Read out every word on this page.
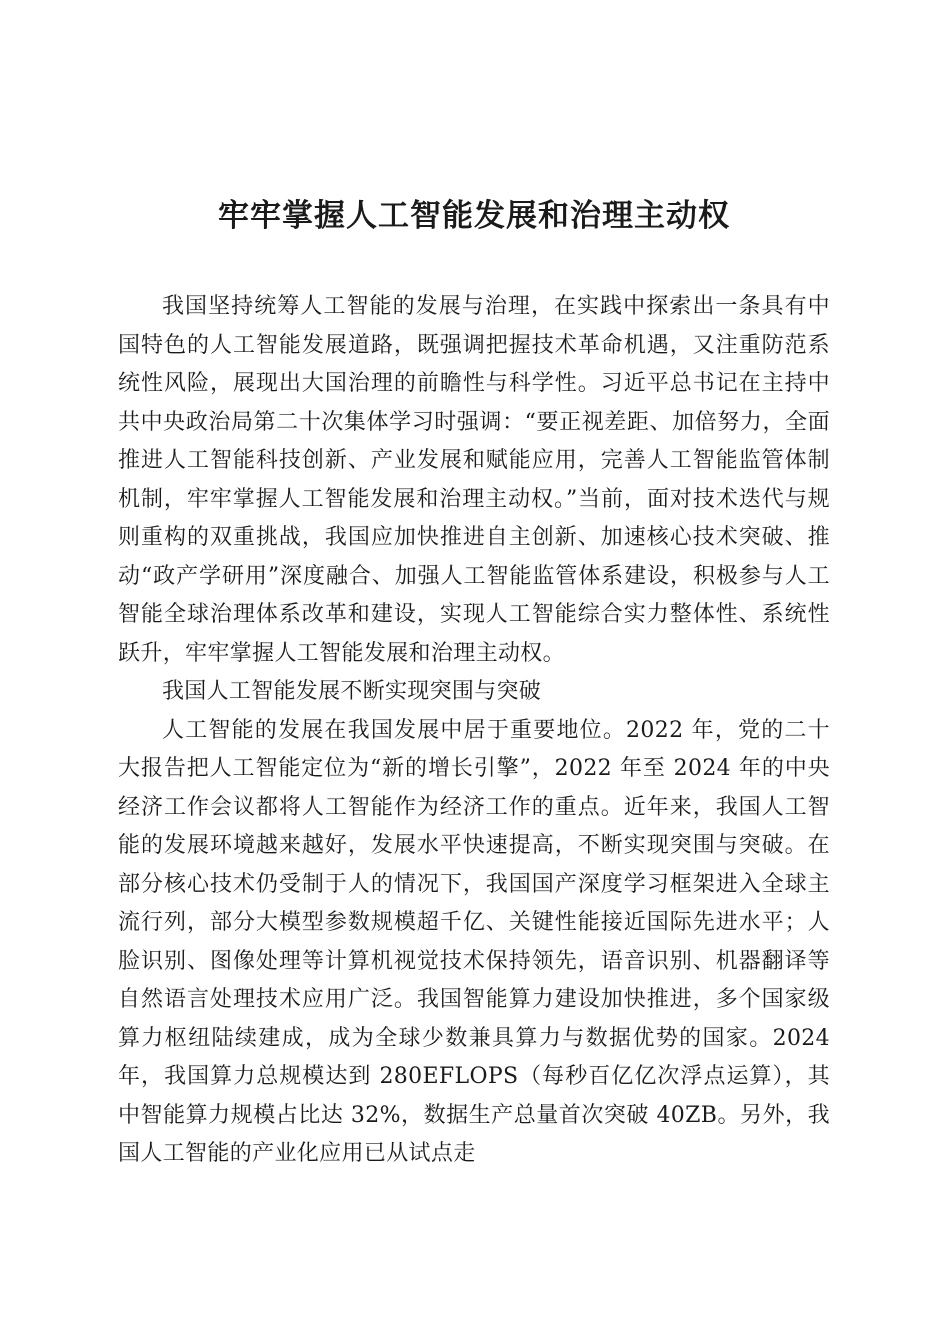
牢牢掌握人工智能发展和治理主动权

我国坚持统筹人工智能的发展与治理，在实践中探索出一条具有中国特色的人工智能发展道路，既强调把握技术革命机遇，又注重防范系统性风险，展现出大国治理的前瞻性与科学性。习近平总书记在主持中共中央政治局第二十次集体学习时强调：“要正视差距、加倍努力，全面推进人工智能科技创新、产业发展和赋能应用，完善人工智能监管体制机制，牢牢掌握人工智能发展和治理主动权。”当前，面对技术迭代与规则重构的双重挑战，我国应加快推进自主创新、加速核心技术突破、推动“政产学研用”深度融合、加强人工智能监管体系建设，积极参与人工智能全球治理体系改革和建设，实现人工智能综合实力整体性、系统性跃升，牢牢掌握人工智能发展和治理主动权。

我国人工智能发展不断实现突围与突破

人工智能的发展在我国发展中居于重要地位。2022 年，党的二十大报告把人工智能定位为“新的增长引擎”，2022 年至 2024 年的中央经济工作会议都将人工智能作为经济工作的重点。近年来，我国人工智能的发展环境越来越好，发展水平快速提高，不断实现突围与突破。在部分核心技术仍受制于人的情况下，我国国产深度学习框架进入全球主流行列，部分大模型参数规模超千亿、关键性能接近国际先进水平；人脸识别、图像处理等计算机视觉技术保持领先，语音识别、机器翻译等自然语言处理技术应用广泛。我国智能算力建设加快推进，多个国家级算力枢纽陆续建成，成为全球少数兼具算力与数据优势的国家。2024 年，我国算力总规模达到 280EFLOPS（每秒百亿亿次浮点运算），其中智能算力规模占比达 32%，数据生产总量首次突破 40ZB。另外，我国人工智能的产业化应用已从试点走
